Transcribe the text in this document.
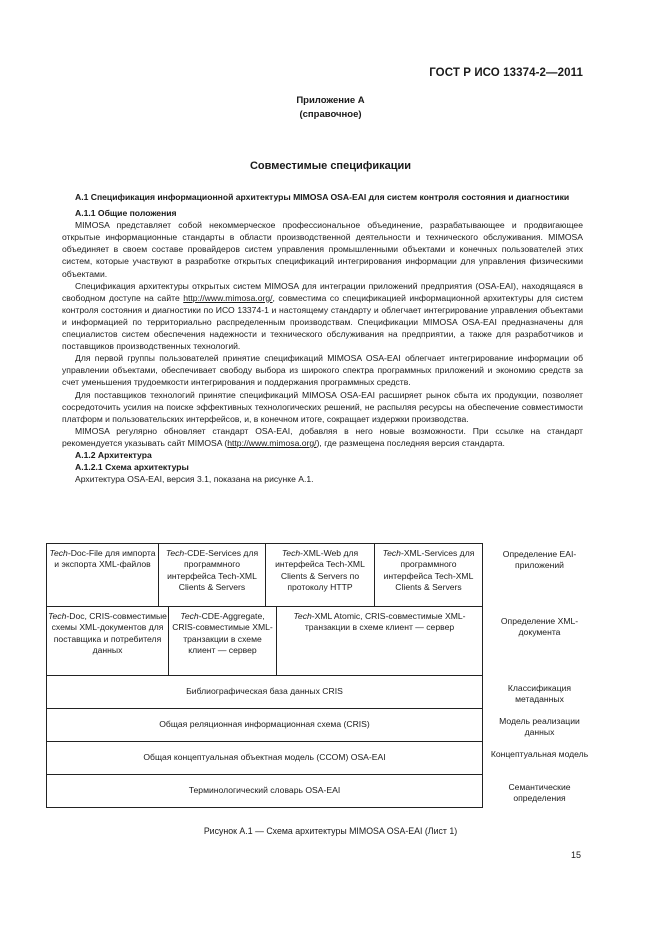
ГОСТ Р ИСО 13374-2—2011
Приложение А
(справочное)
Совместимые спецификации

А.1 Спецификация информационной архитектуры MIMOSA OSA-EAI для систем контроля состояния и диагностики

А.1.1 Общие положения

MIMOSA представляет собой некоммерческое профессиональное объединение, разрабатывающее и продвигающее открытые информационные стандарты в области производственной деятельности и технического обслуживания. MIMOSA объединяет в своем составе провайдеров систем управления промышленными объектами и конечных пользователей этих систем, которые участвуют в разработке открытых спецификаций интегрирования информации для управления физическими объектами.

Спецификация архитектуры открытых систем MIMOSA для интеграции приложений предприятия (OSA-EAI), находящаяся в свободном доступе на сайте http://www.mimosa.org/, совместима со спецификацией информационной архитектуры для систем контроля состояния и диагностики по ИСО 13374-1 и настоящему стандарту и облегчает интегрирование управления объектами и информацией по территориально распределенным производствам. Спецификации MIMOSA OSA-EAI предназначены для специалистов систем обеспечения надежности и технического обслуживания на предприятии, а также для разработчиков и поставщиков производственных технологий.

Для первой группы пользователей принятие спецификаций MIMOSA OSA-EAI облегчает интегрирование информации об управлении объектами, обеспечивает свободу выбора из широкого спектра программных приложений и экономию средств за счет уменьшения трудоемкости интегрирования и поддержания программных средств.

Для поставщиков технологий принятие спецификаций MIMOSA OSA-EAI расширяет рынок сбыта их продукции, позволяет сосредоточить усилия на поиске эффективных технологических решений, не распыляя ресурсы на обеспечение совместимости платформ и пользовательских интерфейсов, и, в конечном итоге, сокращает издержки производства.

MIMOSA регулярно обновляет стандарт OSA-EAI, добавляя в него новые возможности. При ссылке на стандарт рекомендуется указывать сайт MIMOSA (http://www.mimosa.org/), где размещена последняя версия стандарта.

А.1.2 Архитектура

А.1.2.1 Схема архитектуры

Архитектура OSA-EAI, версия 3.1, показана на рисунке А.1.

Tech-Doc-File для импорта и экспорта XML-файлов
Tech-CDE-Services для программного интерфейса Tech-XML Clients & Servers
Tech-XML-Web для интерфейса Tech-XML Clients & Servers по протоколу HTTP
Tech-XML-Services для программного интерфейса Tech-XML Clients & Servers
Tech-Doc, CRIS-совместимые схемы XML-документов для поставщика и потребителя данных
Tech-CDE-Aggregate, CRIS-совместимые XML-транзакции в схеме клиент — сервер
Tech-XML Atomic, CRIS-совместимые XML-транзакции в схеме клиент — сервер
Библиографическая база данных CRIS
Общая реляционная информационная схема (CRIS)
Общая концептуальная объектная модель (CCOM) OSA-EAI
Терминологический словарь OSA-EAI
Определение EAI-приложений
Определение XML-документа
Классификация метаданных
Модель реализации данных
Концептуальная модель
Семантические определения
Рисунок А.1 — Схема архитектуры MIMOSA OSA-EAI (Лист 1)
15
